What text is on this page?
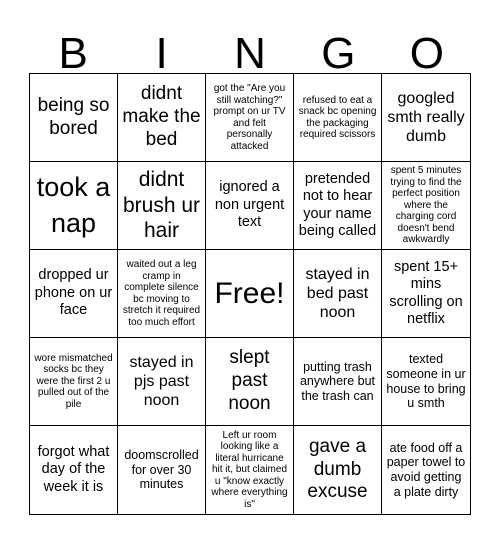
B	I	N	G	O
being so bored
didnt make the bed
got the "Are you still watching?" prompt on ur TV and felt personally attacked
refused to eat a snack bc opening the packaging required scissors
googled smth really dumb
took a nap
didnt brush ur hair
ignored a non urgent text
pretended not to hear your name being called
spent 5 minutes trying to find the perfect position where the charging cord doesn't bend awkwardly
dropped ur phone on ur face
waited out a leg cramp in complete silence bc moving to stretch it required too much effort
Free!
stayed in bed past noon
spent 15+ mins scrolling on netflix
wore mismatched socks bc they were the first 2 u pulled out of the pile
stayed in pjs past noon
slept past noon
putting trash anywhere but the trash can
texted someone in ur house to bring u smth
forgot what day of the week it is
doomscrolled for over 30 minutes
Left ur room looking like a literal hurricane hit it, but claimed u "know exactly where everything is"
gave a dumb excuse
ate food off a paper towel to avoid getting a plate dirty
